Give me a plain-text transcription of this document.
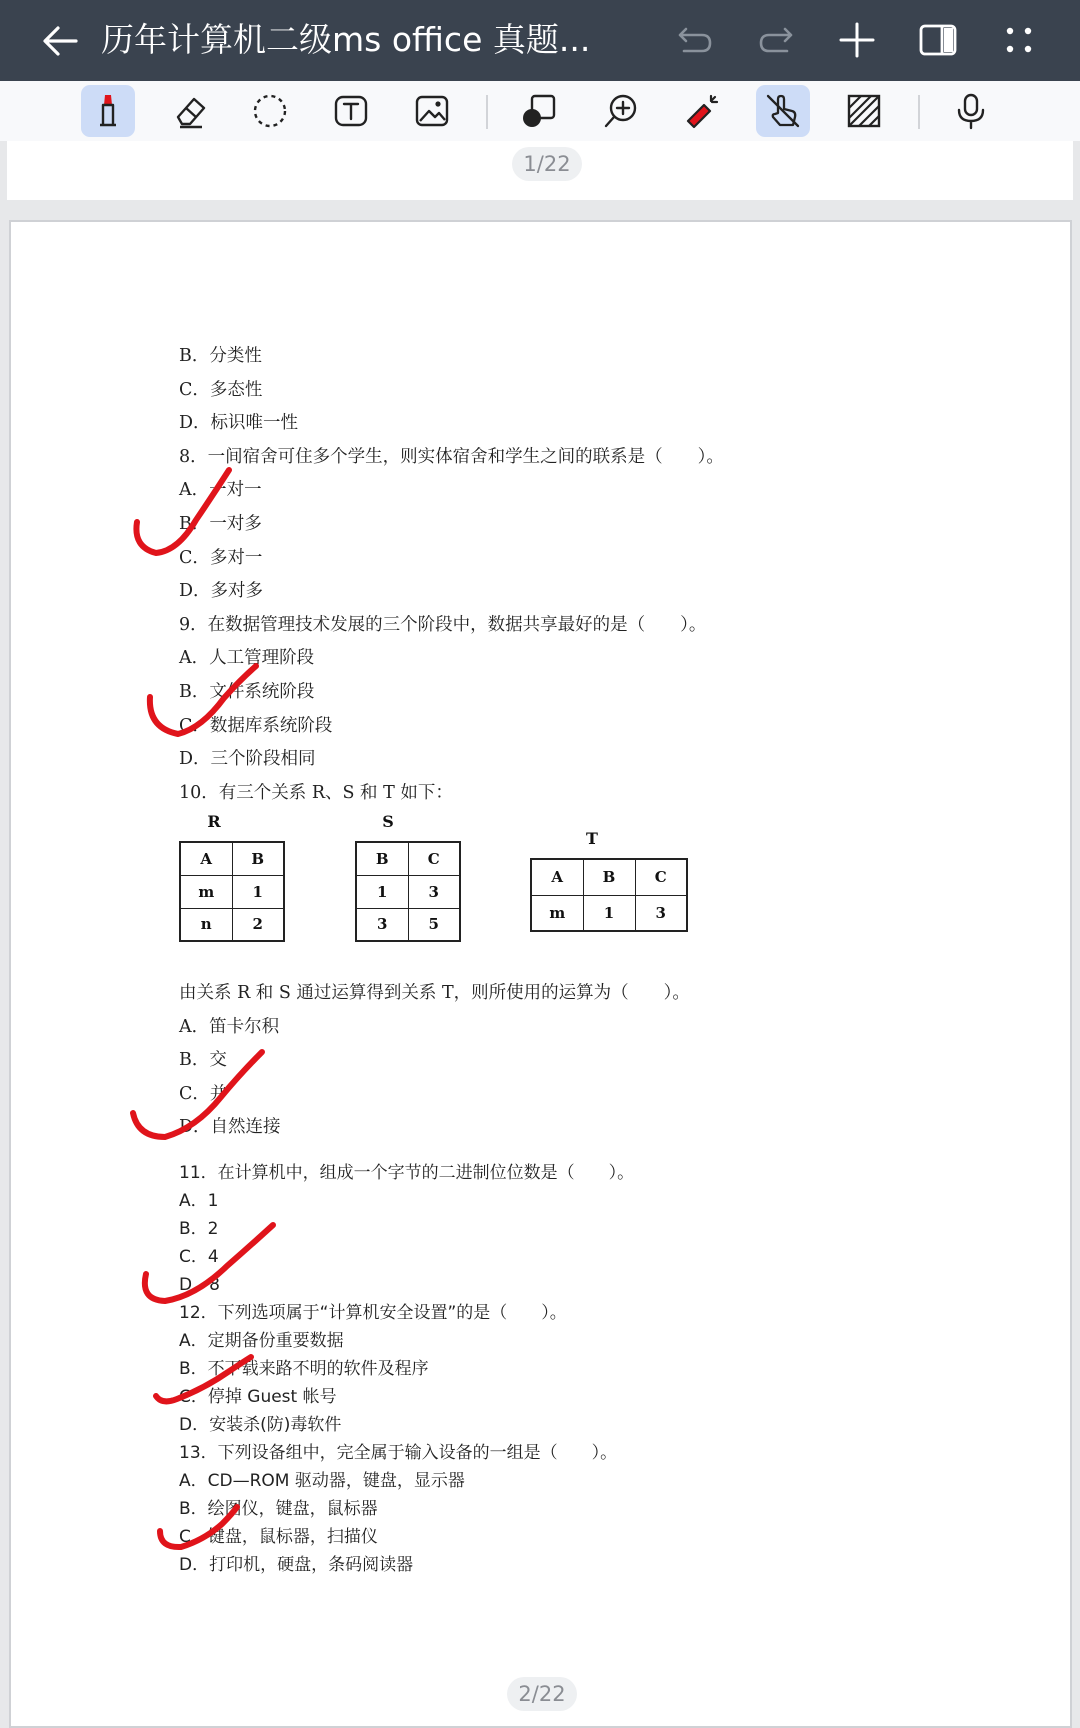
历年计算机二级ms office 真题...
1/22
B．分类性
C．多态性
D．标识唯一性
8．一间宿舍可住多个学生，则实体宿舍和学生之间的联系是（　　）。
A．一对一
B．一对多
C．多对一
D．多对多
9．在数据管理技术发展的三个阶段中，数据共享最好的是（　　）。
A．人工管理阶段
B．文件系统阶段
C．数据库系统阶段
D．三个阶段相同
10．有三个关系 R、S 和 T 如下：
R
A	B
m	1
n	2
S
B	C
1	3
3	5
T
A	B	C
m	1	3
由关系 R 和 S 通过运算得到关系 T，则所使用的运算为（　　）。
A．笛卡尔积
B．交
C．并
D．自然连接
11．在计算机中，组成一个字节的二进制位位数是（　　）。
A．1
B．2
C．4
D．8
12．下列选项属于“计算机安全设置”的是（　　）。
A．定期备份重要数据
B．不下载来路不明的软件及程序
C．停掉 Guest 帐号
D．安装杀(防)毒软件
13．下列设备组中，完全属于输入设备的一组是（　　）。
A．CD—ROM 驱动器，键盘，显示器
B．绘图仪，键盘，鼠标器
C．键盘，鼠标器，扫描仪
D．打印机，硬盘，条码阅读器
2/22
